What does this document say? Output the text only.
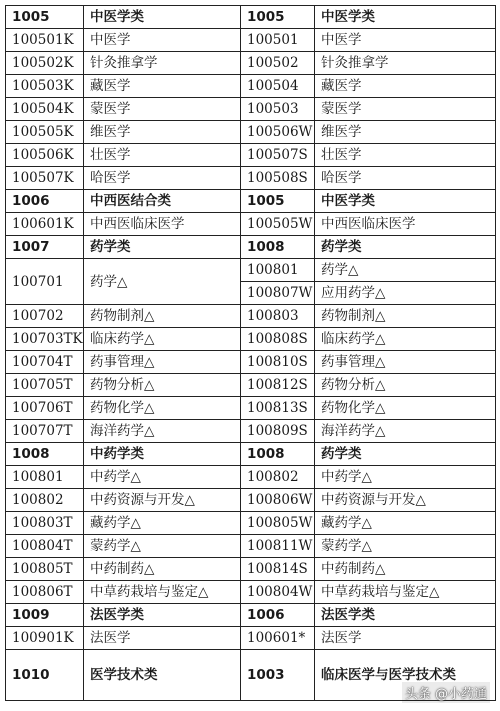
1005	中医学类	1005	中医学类
100501K	中医学	100501	中医学
100502K	针灸推拿学	100502	针灸推拿学
100503K	藏医学	100504	藏医学
100504K	蒙医学	100503	蒙医学
100505K	维医学	100506W	维医学
100506K	壮医学	100507S	壮医学
100507K	哈医学	100508S	哈医学
1006	中西医结合类	1005	中医学类
100601K	中西医临床医学	100505W	中西医临床医学
1007	药学类	1008	药学类
100701	药学△	100801	药学△
		100807W	应用药学△
100702	药物制剂△	100803	药物制剂△
100703TK	临床药学△	100808S	临床药学△
100704T	药事管理△	100810S	药事管理△
100705T	药物分析△	100812S	药物分析△
100706T	药物化学△	100813S	药物化学△
100707T	海洋药学△	100809S	海洋药学△
1008	中药学类	1008	药学类
100801	中药学△	100802	中药学△
100802	中药资源与开发△	100806W	中药资源与开发△
100803T	藏药学△	100805W	藏药学△
100804T	蒙药学△	100811W	蒙药学△
100805T	中药制药△	100814S	中药制药△
100806T	中草药栽培与鉴定△	100804W	中草药栽培与鉴定△
1009	法医学类	1006	法医学类
100901K	法医学	100601*	法医学
1010	医学技术类	1003	临床医学与医学技术类
头条 @小药通
